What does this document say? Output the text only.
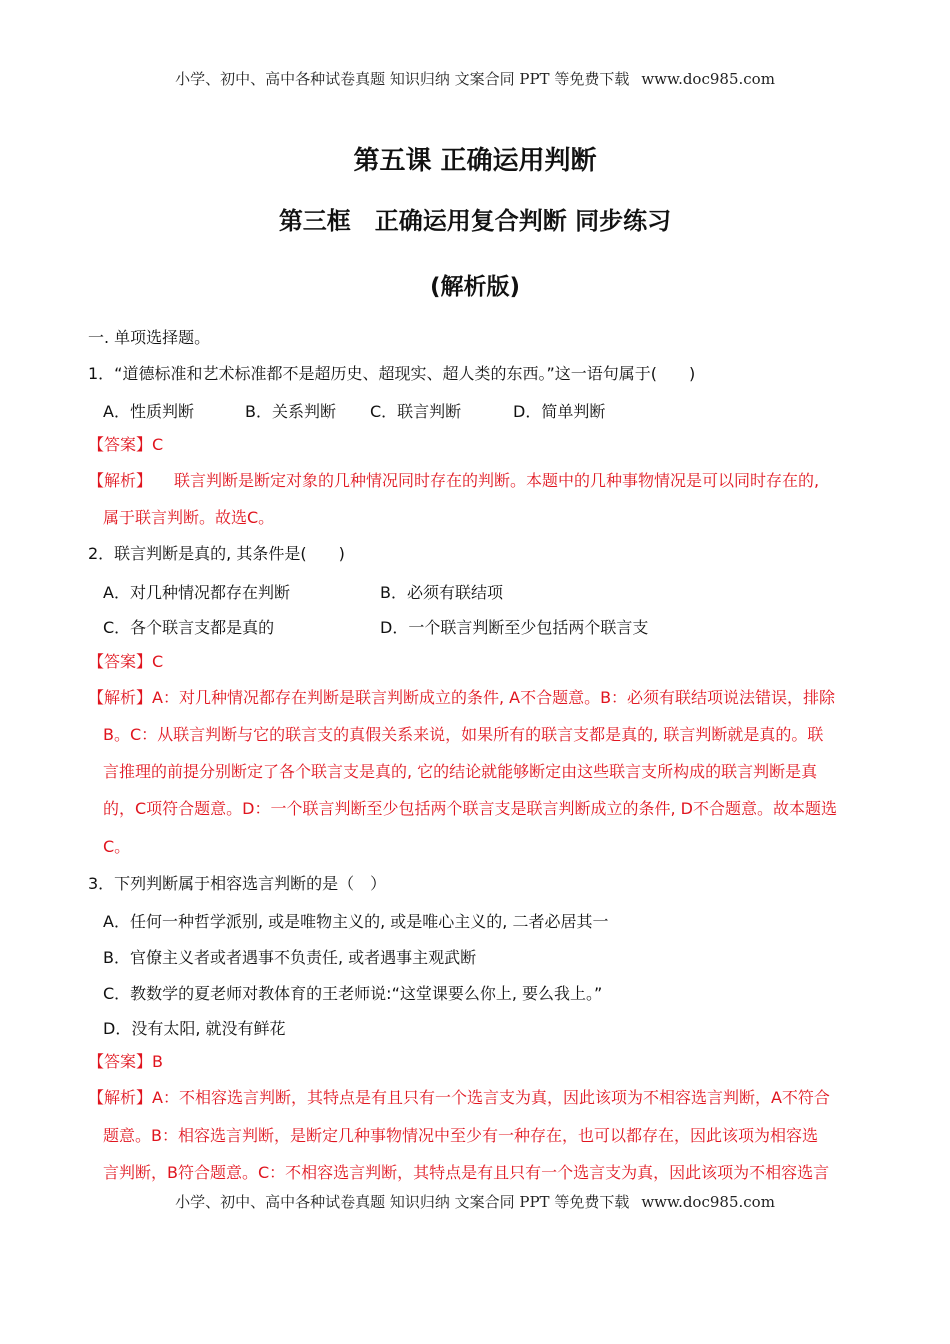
小学、初中、高中各种试卷真题 知识归纳 文案合同 PPT 等免费下载 www.doc985.com
第五课 正确运用判断
第三框　正确运用复合判断 同步练习
(解析版)
一. 单项选择题。
1．“道德标准和艺术标准都不是超历史、超现实、超人类的东西。”这一语句属于(　　)
A．性质判断	B．关系判断 C．联言判断	D．简单判断
【答案】C
【解析】 联言判断是断定对象的几种情况同时存在的判断。本题中的几种事物情况是可以同时存在的,
属于联言判断。故选C。
2．联言判断是真的, 其条件是(　　)
A．对几种情况都存在判断	B．必须有联结项
C．各个联言支都是真的	D．一个联言判断至少包括两个联言支
【答案】C
【解析】A：对几种情况都存在判断是联言判断成立的条件, A不合题意。B：必须有联结项说法错误，排除
B。C：从联言判断与它的联言支的真假关系来说，如果所有的联言支都是真的, 联言判断就是真的。联
言推理的前提分别断定了各个联言支是真的, 它的结论就能够断定由这些联言支所构成的联言判断是真
的，C项符合题意。D：一个联言判断至少包括两个联言支是联言判断成立的条件, D不合题意。故本题选
C。
3．下列判断属于相容选言判断的是（　）
A．任何一种哲学派别, 或是唯物主义的, 或是唯心主义的, 二者必居其一
B．官僚主义者或者遇事不负责任, 或者遇事主观武断
C．教数学的夏老师对教体育的王老师说:“这堂课要么你上, 要么我上。”
D．没有太阳, 就没有鲜花
【答案】B
【解析】A：不相容选言判断，其特点是有且只有一个选言支为真，因此该项为不相容选言判断，A不符合
题意。B：相容选言判断，是断定几种事物情况中至少有一种存在，也可以都存在，因此该项为相容选
言判断，B符合题意。C：不相容选言判断，其特点是有且只有一个选言支为真，因此该项为不相容选言
小学、初中、高中各种试卷真题 知识归纳 文案合同 PPT 等免费下载 www.doc985.com
